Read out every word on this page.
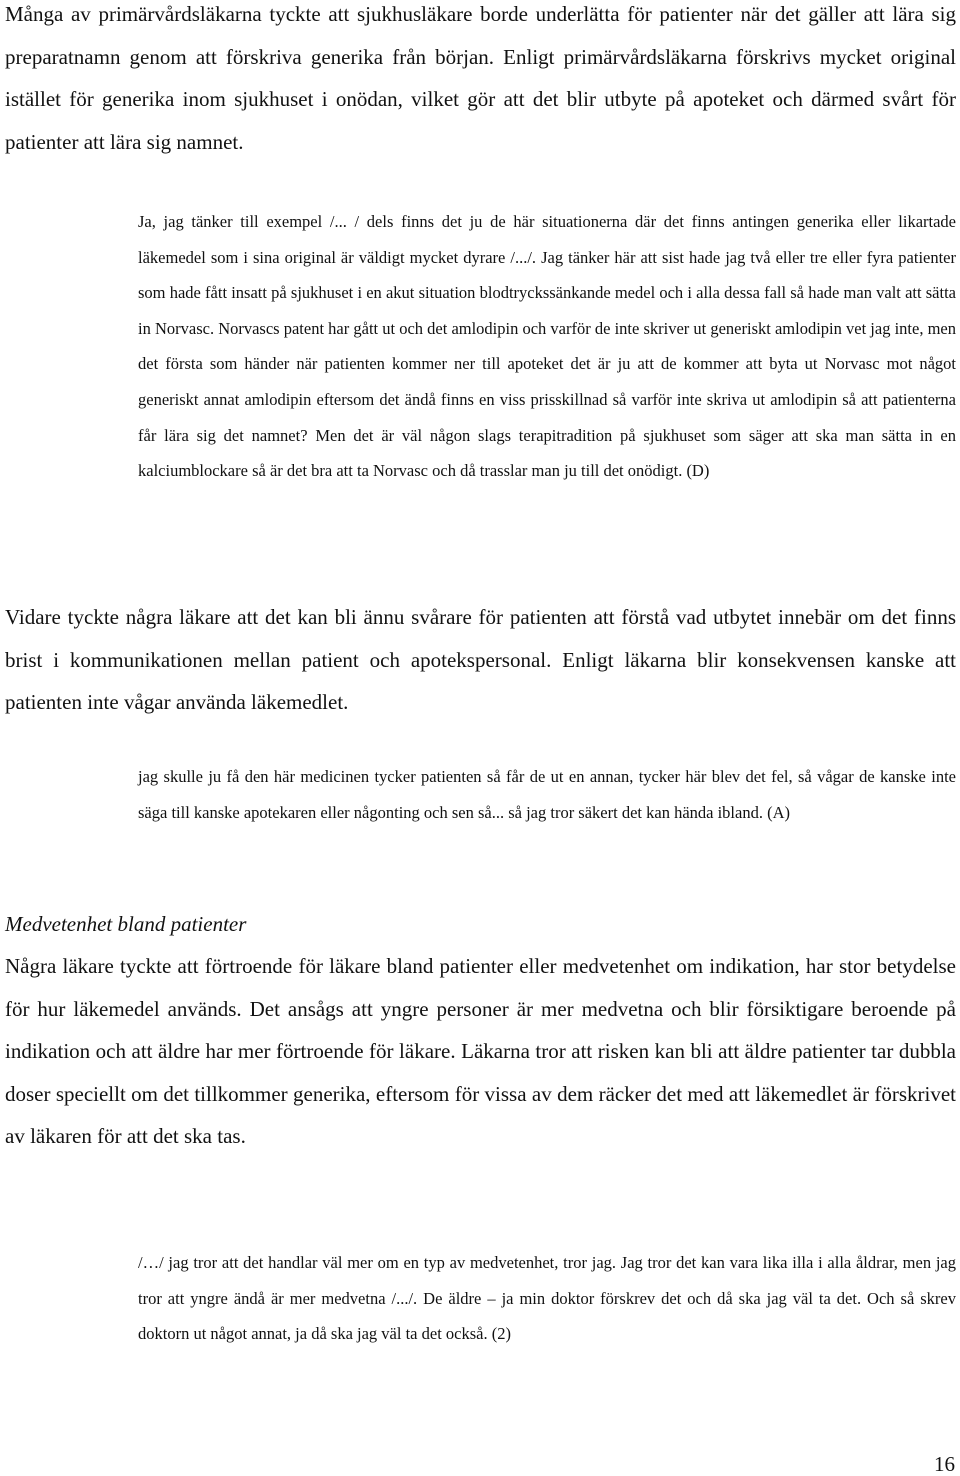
Många av primärvårdsläkarna tyckte att sjukhusläkare borde underlätta för patienter när det gäller att lära sig preparatnamn genom att förskriva generika från början. Enligt primärvårdsläkarna förskrivs mycket original istället för generika inom sjukhuset i onödan, vilket gör att det blir utbyte på apoteket och därmed svårt för patienter att lära sig namnet.

Ja, jag tänker till exempel /... / dels finns det ju de här situationerna där det finns antingen generika eller likartade läkemedel som i sina original är väldigt mycket dyrare /.../. Jag tänker här att sist hade jag två eller tre eller fyra patienter som hade fått insatt på sjukhuset i en akut situation blodtryckssänkande medel och i alla dessa fall så hade man valt att sätta in Norvasc. Norvascs patent har gått ut och det amlodipin och varför de inte skriver ut generiskt amlodipin vet jag inte, men det första som händer när patienten kommer ner till apoteket det är ju att de kommer att byta ut Norvasc mot något generiskt annat amlodipin eftersom det ändå finns en viss prisskillnad så varför inte skriva ut amlodipin så att patienterna får lära sig det namnet? Men det är väl någon slags terapitradition på sjukhuset som säger att ska man sätta in en kalciumblockare så är det bra att ta Norvasc och då trasslar man ju till det onödigt. (D)

Vidare tyckte några läkare att det kan bli ännu svårare för patienten att förstå vad utbytet innebär om det finns brist i kommunikationen mellan patient och apotekspersonal. Enligt läkarna blir konsekvensen kanske att patienten inte vågar använda läkemedlet.

jag skulle ju få den här medicinen tycker patienten så får de ut en annan, tycker här blev det fel, så vågar de kanske inte säga till kanske apotekaren eller någonting och sen så... så jag tror säkert det kan hända ibland. (A)

Medvetenhet bland patienter

Några läkare tyckte att förtroende för läkare bland patienter eller medvetenhet om indikation, har stor betydelse för hur läkemedel används. Det ansågs att yngre personer är mer medvetna och blir försiktigare beroende på indikation och att äldre har mer förtroende för läkare. Läkarna tror att risken kan bli att äldre patienter tar dubbla doser speciellt om det tillkommer generika, eftersom för vissa av dem räcker det med att läkemedlet är förskrivet av läkaren för att det ska tas.

/…/ jag tror att det handlar väl mer om en typ av medvetenhet, tror jag. Jag tror det kan vara lika illa i alla åldrar, men jag tror att yngre ändå är mer medvetna /.../. De äldre – ja min doktor förskrev det och då ska jag väl ta det. Och så skrev doktorn ut något annat, ja då ska jag väl ta det också. (2)

16
